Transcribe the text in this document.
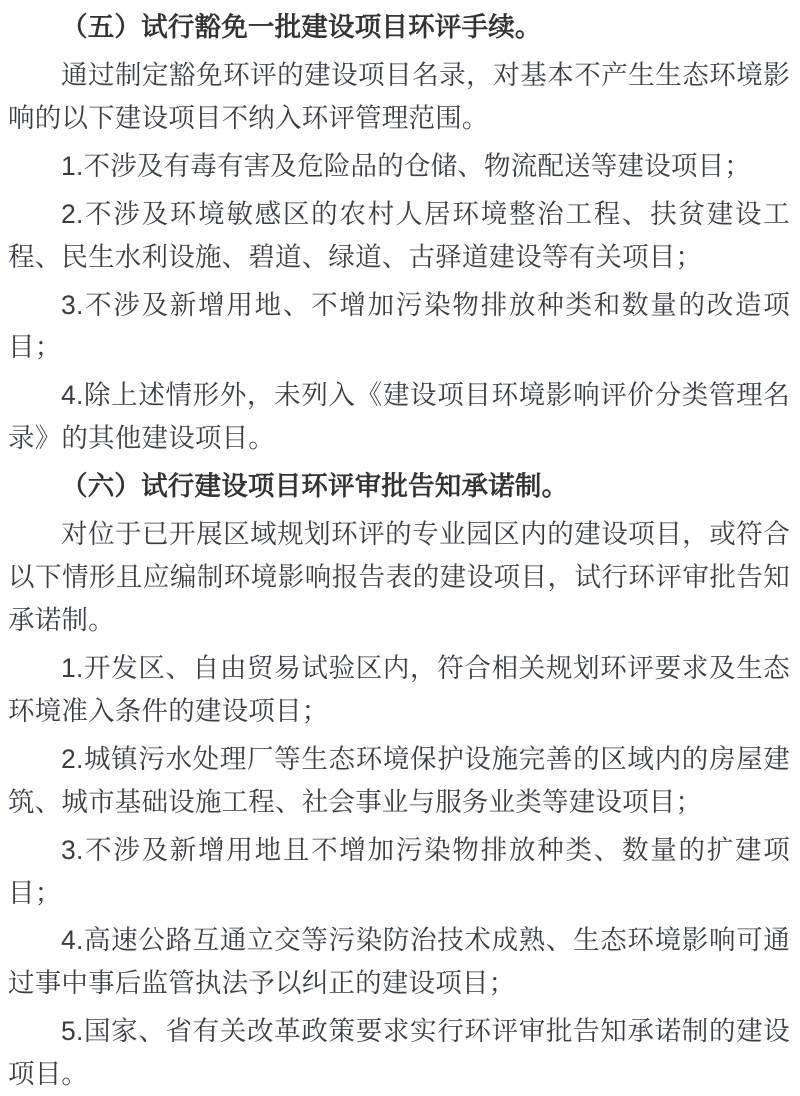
（五）试行豁免一批建设项目环评手续。

通过制定豁免环评的建设项目名录，对基本不产生生态环境影响的以下建设项目不纳入环评管理范围。

1.不涉及有毒有害及危险品的仓储、物流配送等建设项目；

2.不涉及环境敏感区的农村人居环境整治工程、扶贫建设工程、民生水利设施、碧道、绿道、古驿道建设等有关项目；

3.不涉及新增用地、不增加污染物排放种类和数量的改造项目；

4.除上述情形外，未列入《建设项目环境影响评价分类管理名录》的其他建设项目。

（六）试行建设项目环评审批告知承诺制。

对位于已开展区域规划环评的专业园区内的建设项目，或符合以下情形且应编制环境影响报告表的建设项目，试行环评审批告知承诺制。

1.开发区、自由贸易试验区内，符合相关规划环评要求及生态环境准入条件的建设项目；

2.城镇污水处理厂等生态环境保护设施完善的区域内的房屋建筑、城市基础设施工程、社会事业与服务业类等建设项目；

3.不涉及新增用地且不增加污染物排放种类、数量的扩建项目；

4.高速公路互通立交等污染防治技术成熟、生态环境影响可通过事中事后监管执法予以纠正的建设项目；

5.国家、省有关改革政策要求实行环评审批告知承诺制的建设项目。
